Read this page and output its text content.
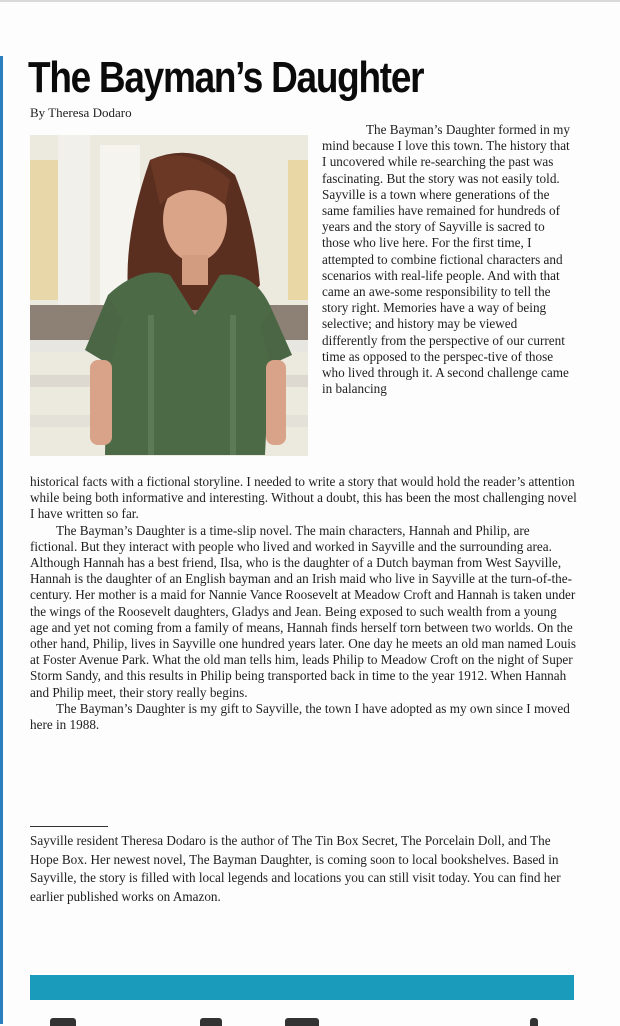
The Bayman’s Daughter
By Theresa Dodaro

The Bayman’s Daughter formed in my mind because I love this town. The history that I uncovered while re-searching the past was fascinating. But the story was not easily told. Sayville is a town where generations of the same families have remained for hundreds of years and the story of Sayville is sacred to those who live here. For the first time, I attempted to combine fictional characters and scenarios with real-life people. And with that came an awe-some responsibility to tell the story right. Memories have a way of being selective; and history may be viewed differently from the perspective of our current time as opposed to the perspec-tive of those who lived through it. A second challenge came in balancing

historical facts with a fictional storyline. I needed to write a story that would hold the reader’s attention while being both informative and interesting. Without a doubt, this has been the most challenging novel I have written so far.

The Bayman’s Daughter is a time-slip novel. The main characters, Hannah and Philip, are fictional. But they interact with people who lived and worked in Sayville and the surrounding area. Although Hannah has a best friend, Ilsa, who is the daughter of a Dutch bayman from West Sayville, Hannah is the daughter of an English bayman and an Irish maid who live in Sayville at the turn-of-the-century. Her mother is a maid for Nannie Vance Roosevelt at Meadow Croft and Hannah is taken under the wings of the Roosevelt daughters, Gladys and Jean. Being exposed to such wealth from a young age and yet not coming from a family of means, Hannah finds herself torn between two worlds. On the other hand, Philip, lives in Sayville one hundred years later. One day he meets an old man named Louis at Foster Avenue Park. What the old man tells him, leads Philip to Meadow Croft on the night of Super Storm Sandy, and this results in Philip being transported back in time to the year 1912. When Hannah and Philip meet, their story really begins.

The Bayman’s Daughter is my gift to Sayville, the town I have adopted as my own since I moved here in 1988.

Sayville resident Theresa Dodaro is the author of The Tin Box Secret, The Porcelain Doll, and The Hope Box. Her newest novel, The Bayman Daughter, is coming soon to local bookshelves. Based in Sayville, the story is filled with local legends and locations you can still visit today. You can find her earlier published works on Amazon.
